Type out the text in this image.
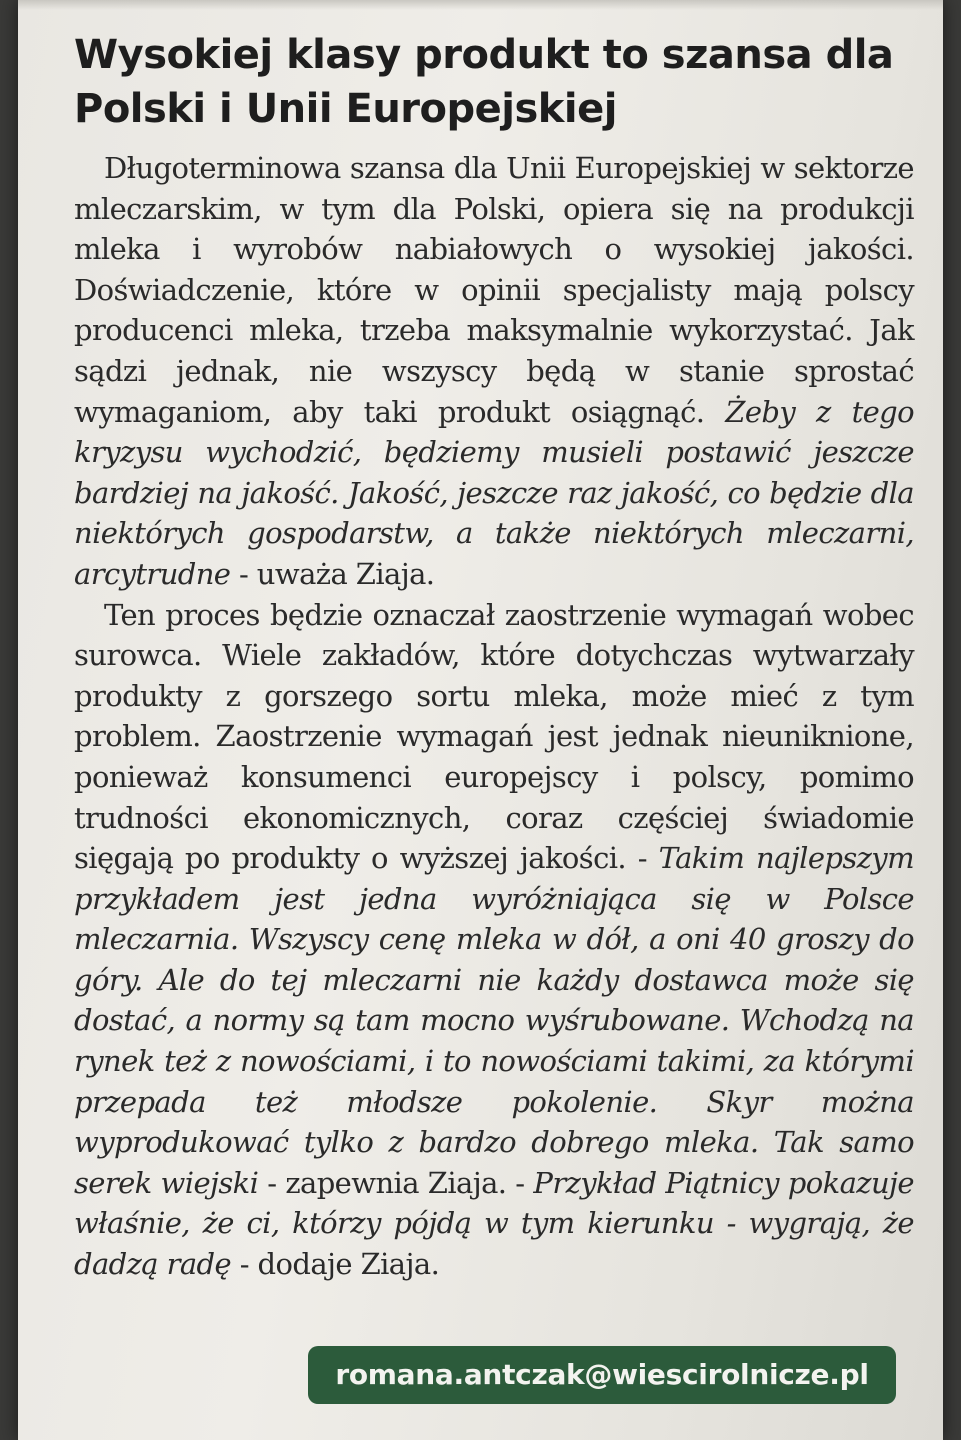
Wysokiej klasy produkt to szansa dla Polski i Unii Europejskiej

Długoterminowa szansa dla Unii Europejskiej w sektorze mleczarskim, w tym dla Polski, opiera się na produkcji mleka i wyrobów nabiałowych o wysokiej jakości. Doświadczenie, które w opinii specjalisty mają polscy producenci mleka, trzeba maksymalnie wykorzystać. Jak sądzi jednak, nie wszyscy będą w stanie sprostać wymaganiom, aby taki produkt osiągnąć. Żeby z tego kryzysu wychodzić, będziemy musieli postawić jeszcze bardziej na jakość. Jakość, jeszcze raz jakość, co będzie dla niektórych gospodarstw, a także niektórych mleczarni, arcytrudne - uważa Ziaja.

Ten proces będzie oznaczał zaostrzenie wymagań wobec surowca. Wiele zakładów, które dotychczas wytwarzały produkty z gorszego sortu mleka, może mieć z tym problem. Zaostrzenie wymagań jest jednak nieuniknione, ponieważ konsumenci europejscy i polscy, pomimo trudności ekonomicznych, coraz częściej świadomie sięgają po produkty o wyższej jakości. - Takim najlepszym przykładem jest jedna wyróżniająca się w Polsce mleczarnia. Wszyscy cenę mleka w dół, a oni 40 groszy do góry. Ale do tej mleczarni nie każdy dostawca może się dostać, a normy są tam mocno wyśrubowane. Wchodzą na rynek też z nowościami, i to nowościami takimi, za którymi przepada też młodsze pokolenie. Skyr można wyprodukować tylko z bardzo dobrego mleka. Tak samo serek wiejski - zapewnia Ziaja. - Przykład Piątnicy pokazuje właśnie, że ci, którzy pójdą w tym kierunku - wygrają, że dadzą radę - dodaje Ziaja.

romana.antczak@wiescirolnicze.pl
